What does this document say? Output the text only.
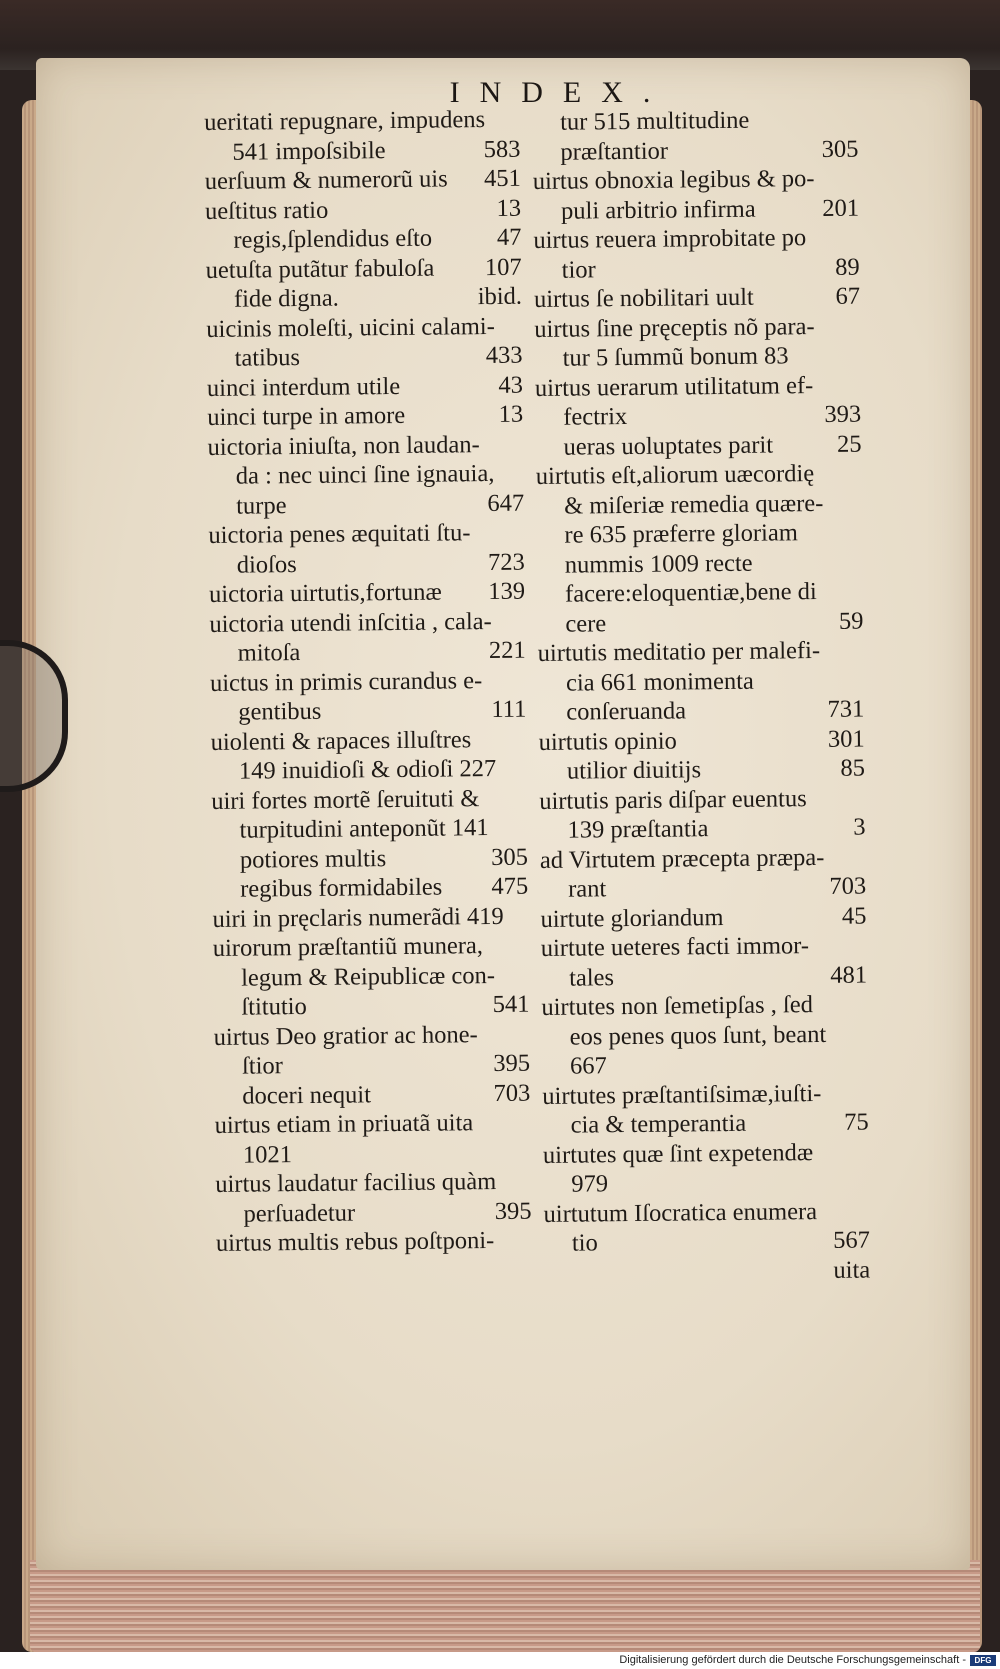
INDEX.
ueritati repugnare, impudens
541 impoſsibile	583
uerſuum & numerorũ uis 451
ueſtitus ratio	13
regis,ſplendidus eſto	47
uetuſta putãtur fabuloſa 107
fide digna.	ibid.
uicinis moleſti, uicini calami-
tatibus	433
uinci interdum utile	43
uinci turpe in amore	13
uictoria iniuſta, non laudan-
da : nec uinci ſine ignauia,
turpe	647
uictoria penes æquitati ſtu-
dioſos	723
uictoria uirtutis,fortunæ 139
uictoria utendi inſcitia , cala-
mitoſa	221
uictus in primis curandus e-
gentibus	111
uiolenti & rapaces illuſtres
149 inuidioſi & odioſi 227
uiri fortes mortẽ ſeruituti &
turpitudini anteponũt 141
potiores multis	305
regibus formidabiles 475
uiri in pręclaris numerãdi 419
uirorum præſtantiũ munera,
legum & Reipublicæ con-
ſtitutio	541
uirtus Deo gratior ac hone-
ſtior	395
doceri nequit	703
uirtus etiam in priuatã uita
1021
uirtus laudatur facilius quàm
perſuadetur	395
uirtus multis rebus poſtponi-
tur 515 multitudine
præſtantior	305
uirtus obnoxia legibus & po-
puli arbitrio infirma	201
uirtus reuera improbitate po
tior	89
uirtus ſe nobilitari uult	67
uirtus ſine pręceptis nõ para-
tur 5 ſummũ bonum 83
uirtus uerarum utilitatum ef-
fectrix	393
ueras uoluptates parit	25
uirtutis eſt,aliorum uæcordię
& miſeriæ remedia quære-
re 635 præferre gloriam
nummis 1009 recte
facere:eloquentiæ,bene di
cere	59
uirtutis meditatio per malefi-
cia 661 monimenta
conſeruanda	731
uirtutis opinio	301
utilior diuitijs	85
uirtutis paris diſpar euentus
139 præſtantia	3
ad Virtutem præcepta præpa-
rant	703
uirtute gloriandum	45
uirtute ueteres facti immor-
tales	481
uirtutes non ſemetipſas , ſed
eos penes quos ſunt, beant
667
uirtutes præſtantiſsimæ,iuſti-
cia & temperantia	75
uirtutes quæ ſint expetendæ
979
uirtutum Iſocratica enumera
tio	567
uita
Digitalisierung gefördert durch die Deutsche Forschungsgemeinschaft -	DFG
